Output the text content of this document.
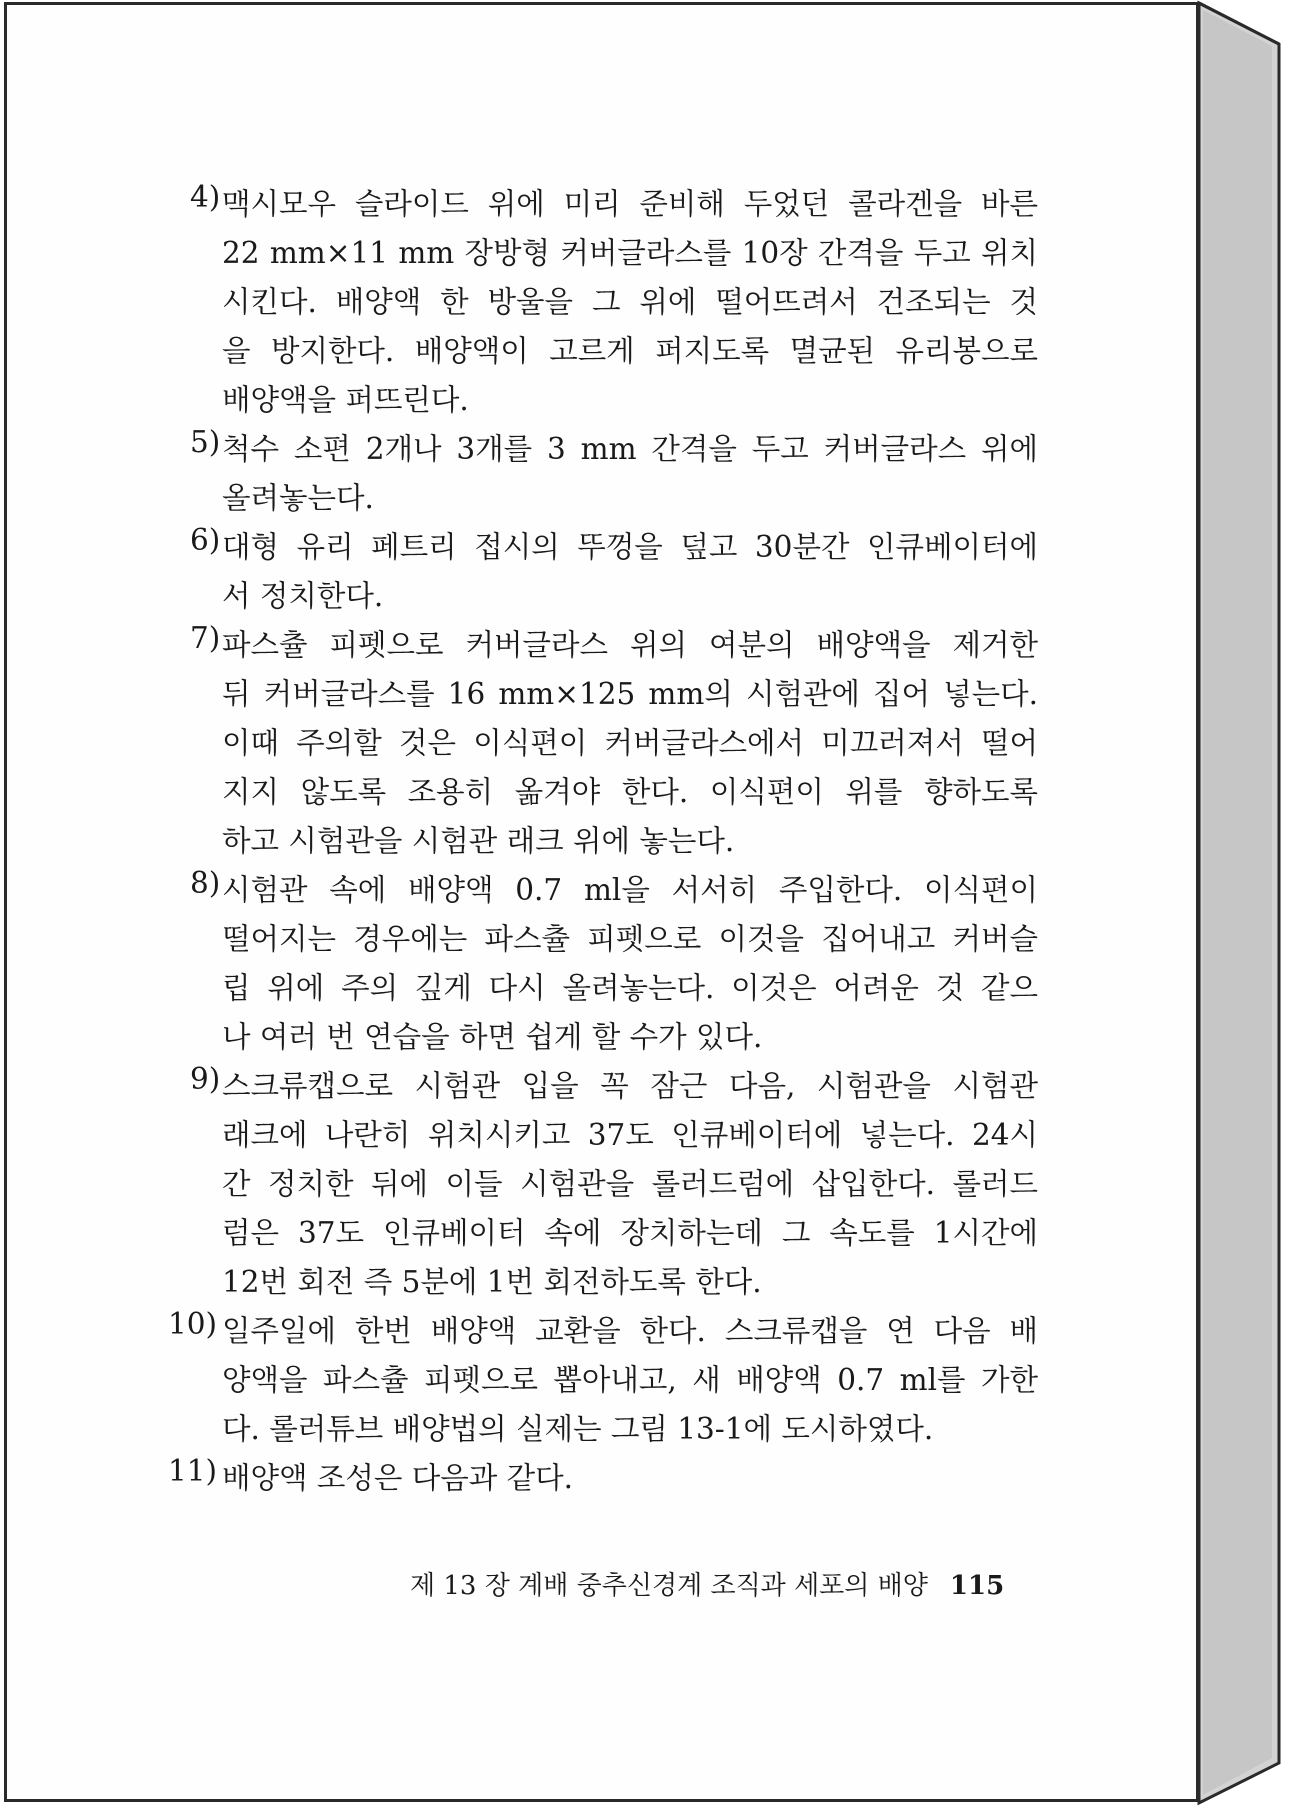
4) 맥시모우 슬라이드 위에 미리 준비해 두었던 콜라겐을 바른
22 mm×11 mm 장방형 커버글라스를 10장 간격을 두고 위치
시킨다. 배양액 한 방울을 그 위에 떨어뜨려서 건조되는 것
을 방지한다. 배양액이 고르게 퍼지도록 멸균된 유리봉으로
배양액을 퍼뜨린다.
5) 척수 소편 2개나 3개를 3 mm 간격을 두고 커버글라스 위에
올려놓는다.
6) 대형 유리 페트리 접시의 뚜껑을 덮고 30분간 인큐베이터에
서 정치한다.
7) 파스츌 피펫으로 커버글라스 위의 여분의 배양액을 제거한
뒤 커버글라스를 16 mm×125 mm의 시험관에 집어 넣는다.
이때 주의할 것은 이식편이 커버글라스에서 미끄러져서 떨어
지지 않도록 조용히 옮겨야 한다. 이식편이 위를 향하도록
하고 시험관을 시험관 래크 위에 놓는다.
8) 시험관 속에 배양액 0.7 ml을 서서히 주입한다. 이식편이
떨어지는 경우에는 파스츌 피펫으로 이것을 집어내고 커버슬
립 위에 주의 깊게 다시 올려놓는다. 이것은 어려운 것 같으
나 여러 번 연습을 하면 쉽게 할 수가 있다.
9) 스크류캡으로 시험관 입을 꼭 잠근 다음, 시험관을 시험관
래크에 나란히 위치시키고 37도 인큐베이터에 넣는다. 24시
간 정치한 뒤에 이들 시험관을 롤러드럼에 삽입한다. 롤러드
럼은 37도 인큐베이터 속에 장치하는데 그 속도를 1시간에
12번 회전 즉 5분에 1번 회전하도록 한다.
10) 일주일에 한번 배양액 교환을 한다. 스크류캡을 연 다음 배
양액을 파스츌 피펫으로 뽑아내고, 새 배양액 0.7 ml를 가한
다. 롤러튜브 배양법의 실제는 그림 13-1에 도시하였다.
11) 배양액 조성은 다음과 같다.
제 13 장 계배 중추신경계 조직과 세포의 배양 115
